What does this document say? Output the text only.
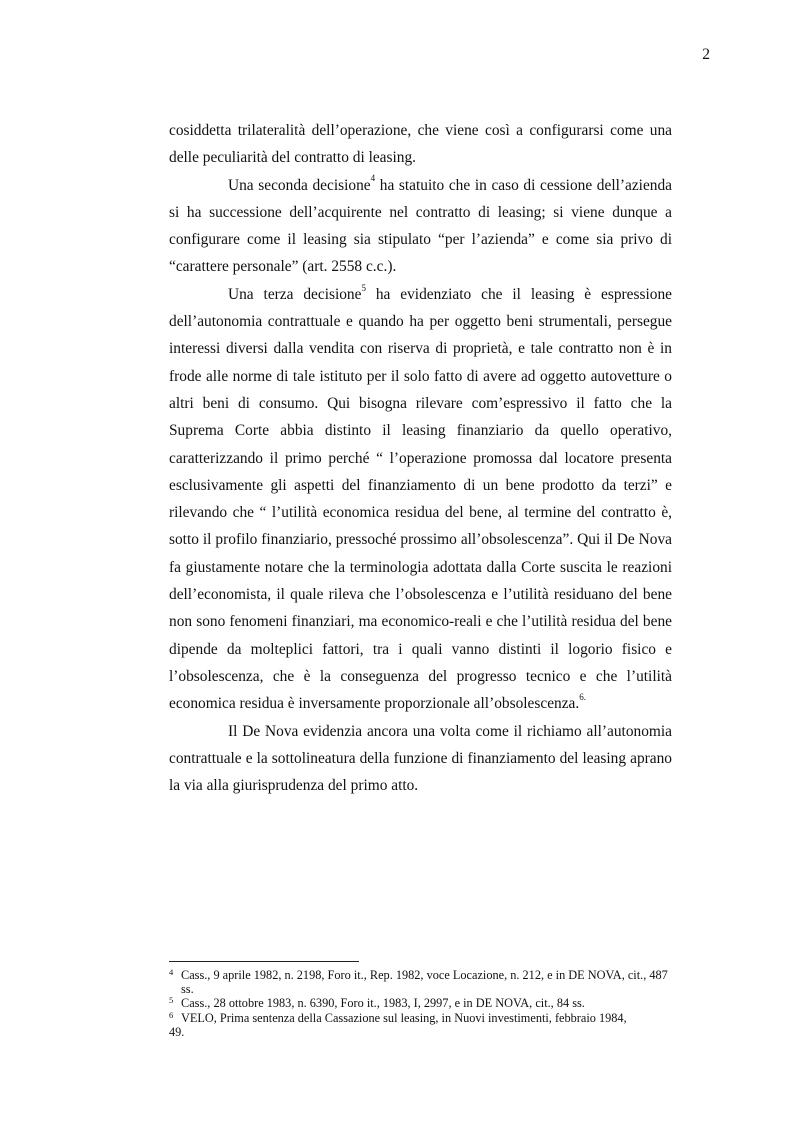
2

cosiddetta trilateralità dell’operazione, che viene così a configurarsi come una delle peculiarità del contratto di leasing.

Una seconda decisione$^4$ ha statuito che in caso di cessione dell’azienda si ha successione dell’acquirente nel contratto di leasing; si viene dunque a configurare come il leasing sia stipulato “per l’azienda” e come sia privo di “carattere personale” (art. 2558 c.c.).

Una terza decisione$^5$ ha evidenziato che il leasing è espressione dell’autonomia contrattuale e quando ha per oggetto beni strumentali, persegue interessi diversi dalla vendita con riserva di proprietà, e tale contratto non è in frode alle norme di tale istituto per il solo fatto di avere ad oggetto autovetture o altri beni di consumo. Qui bisogna rilevare com’espressivo il fatto che la Suprema Corte abbia distinto il leasing finanziario da quello operativo, caratterizzando il primo perché “ l’operazione promossa dal locatore presenta esclusivamente gli aspetti del finanziamento di un bene prodotto da terzi” e rilevando che “ l’utilità economica residua del bene, al termine del contratto è, sotto il profilo finanziario, pressoché prossimo all’obsolescenza”. Qui il De Nova fa giustamente notare che la terminologia adottata dalla Corte suscita le reazioni dell’economista, il quale rileva che l’obsolescenza e l’utilità residuano del bene non sono fenomeni finanziari, ma economico-reali e che l’utilità residua del bene dipende da molteplici fattori, tra i quali vanno distinti il logorio fisico e l’obsolescenza, che è la conseguenza del progresso tecnico e che l’utilità economica residua è inversamente proporzionale all’obsolescenza.$^{6.}$

Il De Nova evidenzia ancora una volta come il richiamo all’autonomia contrattuale e la sottolineatura della funzione di finanziamento del leasing aprano la via alla giurisprudenza del primo atto.

4 Cass., 9 aprile 1982, n. 2198, Foro it., Rep. 1982, voce Locazione, n. 212, e in DE NOVA, cit., 487 ss.
5 Cass., 28 ottobre 1983, n. 6390, Foro it., 1983, I, 2997, e in DE NOVA, cit., 84 ss.
6 VELO, Prima sentenza della Cassazione sul leasing, in Nuovi investimenti, febbraio 1984,
49.
